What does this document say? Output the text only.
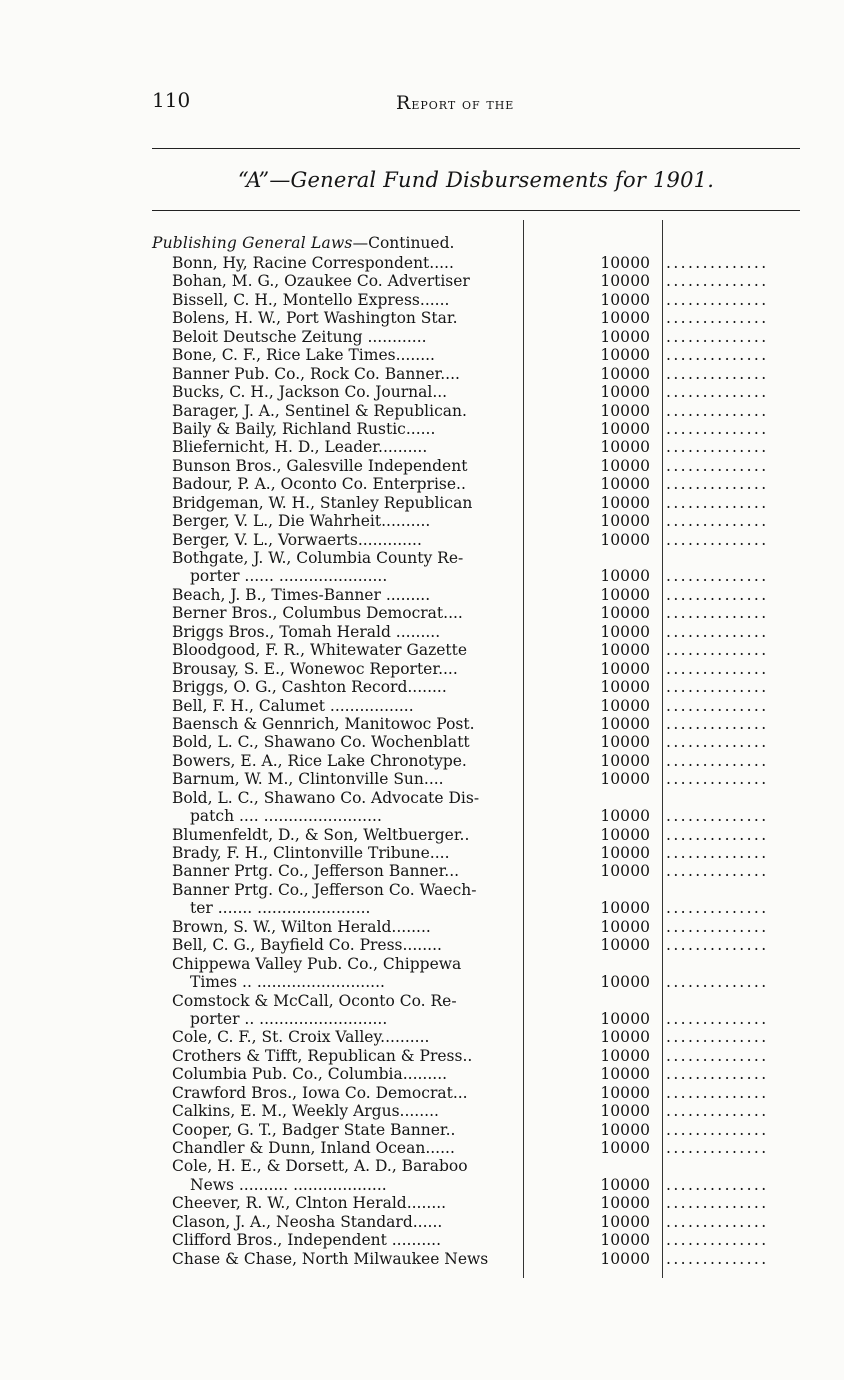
110	Report of the
“A”—General Fund Disbursements for 1901.
Publishing General Laws—Continued.
Bonn, Hy, Racine Correspondent.....	100 00 ..............
Bohan, M. G., Ozaukee Co. Advertiser	100 00 ..............
Bissell, C. H., Montello Express......	100 00 ..............
Bolens, H. W., Port Washington Star.	100 00 ..............
Beloit Deutsche Zeitung ............	100 00 ..............
Bone, C. F., Rice Lake Times........	100 00 ..............
Banner Pub. Co., Rock Co. Banner....	100 00 ..............
Bucks, C. H., Jackson Co. Journal...	100 00 ..............
Barager, J. A., Sentinel & Republican.	100 00 ..............
Baily & Baily, Richland Rustic......	100 00 ..............
Bliefernicht, H. D., Leader..........	100 00 ..............
Bunson Bros., Galesville Independent	100 00 ..............
Badour, P. A., Oconto Co. Enterprise..	100 00 ..............
Bridgeman, W. H., Stanley Republican	100 00 ..............
Berger, V. L., Die Wahrheit..........	100 00 ..............
Berger, V. L., Vorwaerts.............	100 00 ..............
Bothgate, J. W., Columbia County Re-
porter ...... ......................	100 00 ..............
Beach, J. B., Times-Banner .........	100 00 ..............
Berner Bros., Columbus Democrat....	100 00 ..............
Briggs Bros., Tomah Herald .........	100 00 ..............
Bloodgood, F. R., Whitewater Gazette	100 00 ..............
Brousay, S. E., Wonewoc Reporter....	100 00 ..............
Briggs, O. G., Cashton Record........	100 00 ..............
Bell, F. H., Calumet .................	100 00 ..............
Baensch & Gennrich, Manitowoc Post.	100 00 ..............
Bold, L. C., Shawano Co. Wochenblatt	100 00 ..............
Bowers, E. A., Rice Lake Chronotype.	100 00 ..............
Barnum, W. M., Clintonville Sun....	100 00 ..............
Bold, L. C., Shawano Co. Advocate Dis-
patch .... ........................	100 00 ..............
Blumenfeldt, D., & Son, Weltbuerger..	100 00 ..............
Brady, F. H., Clintonville Tribune....	100 00 ..............
Banner Prtg. Co., Jefferson Banner...	100 00 ..............
Banner Prtg. Co., Jefferson Co. Waech-
ter ....... .......................	100 00 ..............
Brown, S. W., Wilton Herald........	100 00 ..............
Bell, C. G., Bayfield Co. Press........	100 00 ..............
Chippewa Valley Pub. Co., Chippewa
Times .. ..........................	100 00 ..............
Comstock & McCall, Oconto Co. Re-
porter .. ..........................	100 00 ..............
Cole, C. F., St. Croix Valley..........	100 00 ..............
Crothers & Tifft, Republican & Press..	100 00 ..............
Columbia Pub. Co., Columbia.........	100 00 ..............
Crawford Bros., Iowa Co. Democrat...	100 00 ..............
Calkins, E. M., Weekly Argus........	100 00 ..............
Cooper, G. T., Badger State Banner..	100 00 ..............
Chandler & Dunn, Inland Ocean......	100 00 ..............
Cole, H. E., & Dorsett, A. D., Baraboo
News .......... ...................	100 00 ..............
Cheever, R. W., Clnton Herald........	100 00 ..............
Clason, J. A., Neosha Standard......	100 00 ..............
Clifford Bros., Independent ..........	100 00 ..............
Chase & Chase, North Milwaukee News	100 00 ..............
